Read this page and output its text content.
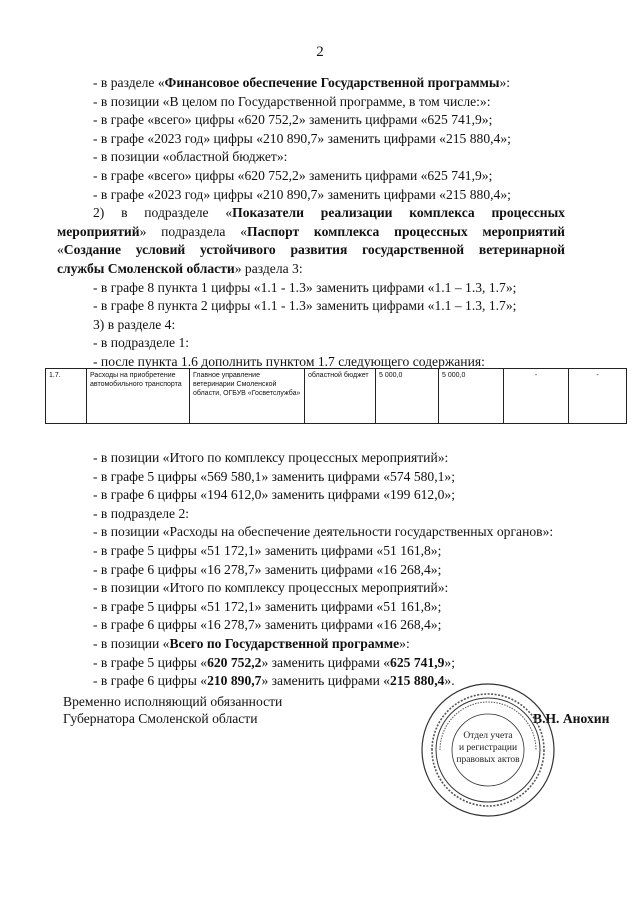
2
- в разделе «Финансовое обеспечение Государственной программы»:
- в позиции «В целом по Государственной программе, в том числе:»:
- в графе «всего» цифры «620 752,2» заменить цифрами «625 741,9»;
- в графе «2023 год» цифры «210 890,7» заменить цифрами «215 880,4»;
- в позиции «областной бюджет»:
- в графе «всего» цифры «620 752,2» заменить цифрами «625 741,9»;
- в графе «2023 год» цифры «210 890,7» заменить цифрами «215 880,4»;
2) в подразделе «Показатели реализации комплекса процессных
мероприятий» подраздела «Паспорт комплекса процессных мероприятий
«Создание условий устойчивого развития государственной ветеринарной
службы Смоленской области» раздела 3:
- в графе 8 пункта 1 цифры «1.1 - 1.3» заменить цифрами «1.1 – 1.3, 1.7»;
- в графе 8 пункта 2 цифры «1.1 - 1.3» заменить цифрами «1.1 – 1.3, 1.7»;
3) в разделе 4:
- в подразделе 1:
- после пункта 1.6 дополнить пунктом 1.7 следующего содержания:
1.7.	Расходы на приобретение автомобильного транспорта	Главное управление ветеринарии Смоленской области, ОГБУВ «Госветслужба»	областной бюджет	5 000,0	5 000,0	-	-
- в позиции «Итого по комплексу процессных мероприятий»:
- в графе 5 цифры «569 580,1» заменить цифрами «574 580,1»;
- в графе 6 цифры «194 612,0» заменить цифрами «199 612,0»;
- в подразделе 2:
- в позиции «Расходы на обеспечение деятельности государственных органов»:
- в графе 5 цифры «51 172,1» заменить цифрами «51 161,8»;
- в графе 6 цифры «16 278,7» заменить цифрами «16 268,4»;
- в позиции «Итого по комплексу процессных мероприятий»:
- в графе 5 цифры «51 172,1» заменить цифрами «51 161,8»;
- в графе 6 цифры «16 278,7» заменить цифрами «16 268,4»;
- в позиции «Всего по Государственной программе»:
- в графе 5 цифры «620 752,2» заменить цифрами «625 741,9»;
- в графе 6 цифры «210 890,7» заменить цифрами «215 880,4».
Временно исполняющий обязанности
Губернатора Смоленской области	В.Н. Анохин
Отдел учета
и регистрации
правовых актов
